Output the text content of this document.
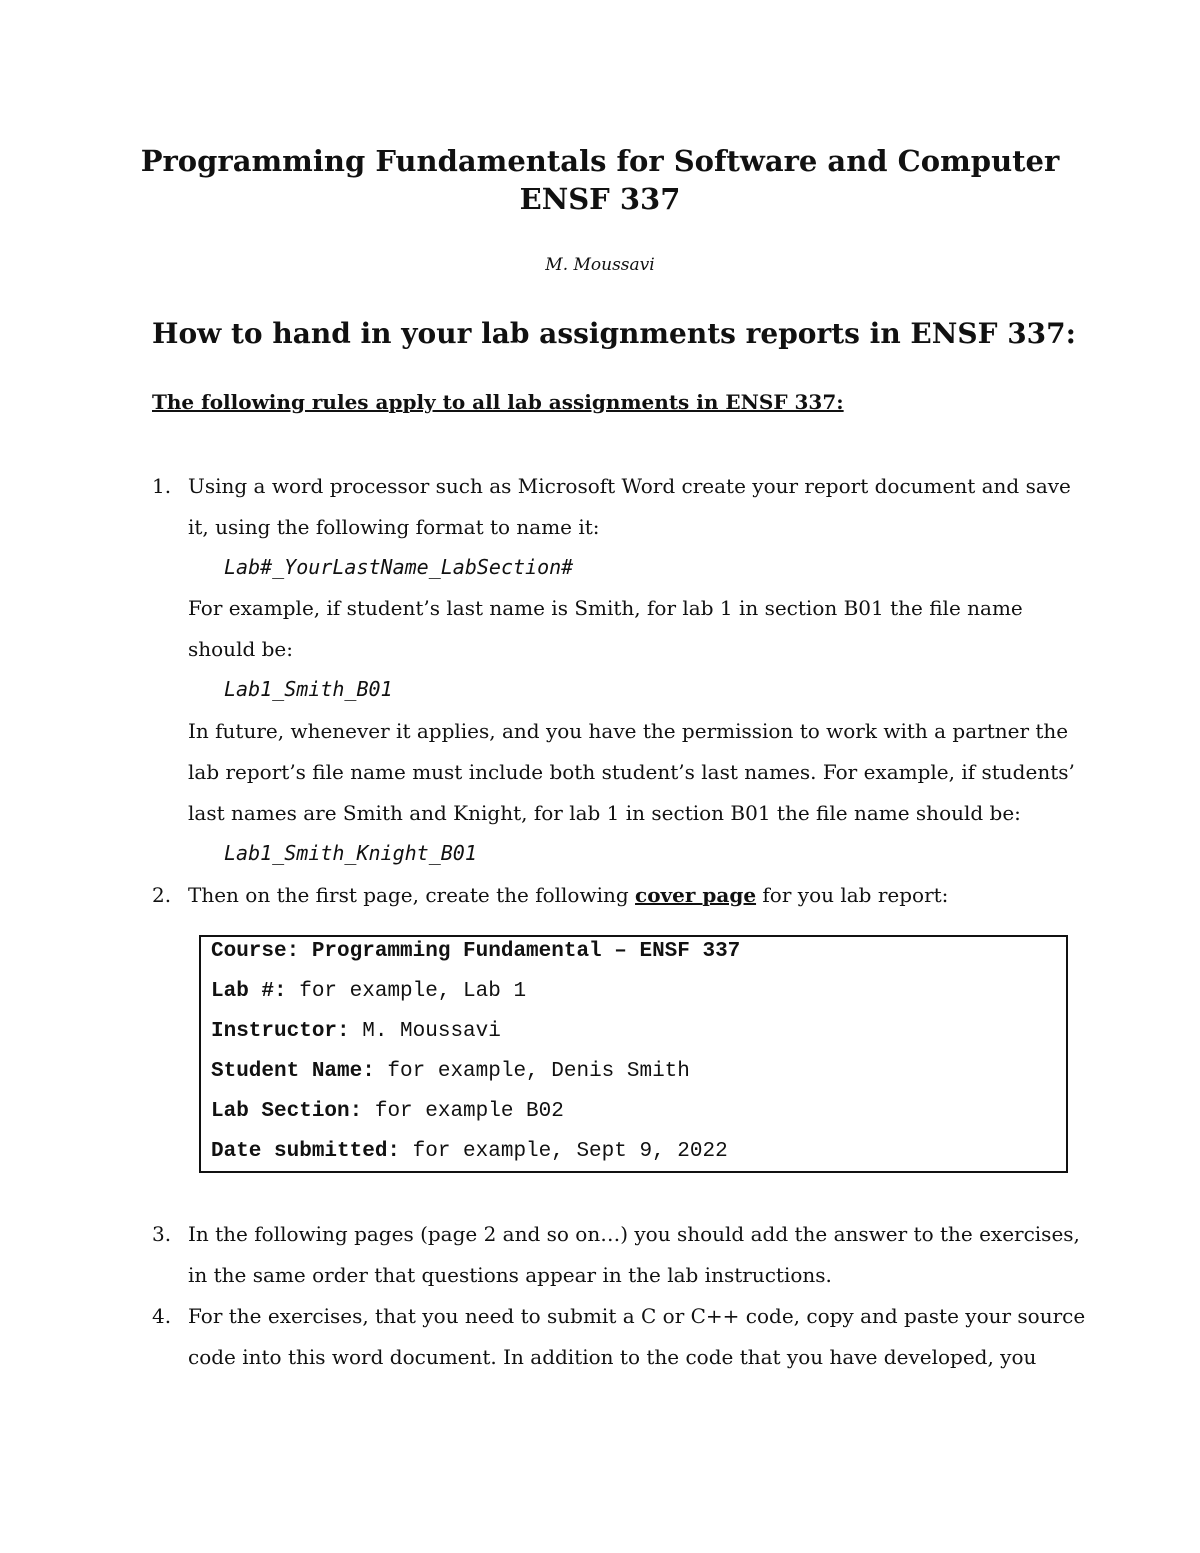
Programming Fundamentals for Software and Computer
ENSF 337
M. Moussavi
How to hand in your lab assignments reports in ENSF 337:
The following rules apply to all lab assignments in ENSF 337:
1. Using a word processor such as Microsoft Word create your report document and save
it, using the following format to name it:
Lab#_YourLastName_LabSection#
For example, if student’s last name is Smith, for lab 1 in section B01 the file name
should be:
Lab1_Smith_B01
In future, whenever it applies, and you have the permission to work with a partner the
lab report’s file name must include both student’s last names. For example, if students’
last names are Smith and Knight, for lab 1 in section B01 the file name should be:
Lab1_Smith_Knight_B01
2. Then on the first page, create the following cover page for you lab report:
Course: Programming Fundamental – ENSF 337
Lab #: for example, Lab 1
Instructor: M. Moussavi
Student Name: for example, Denis Smith
Lab Section: for example B02
Date submitted: for example, Sept 9, 2022
3. In the following pages (page 2 and so on…) you should add the answer to the exercises,
in the same order that questions appear in the lab instructions.
4. For the exercises, that you need to submit a C or C++ code, copy and paste your source
code into this word document. In addition to the code that you have developed, you
